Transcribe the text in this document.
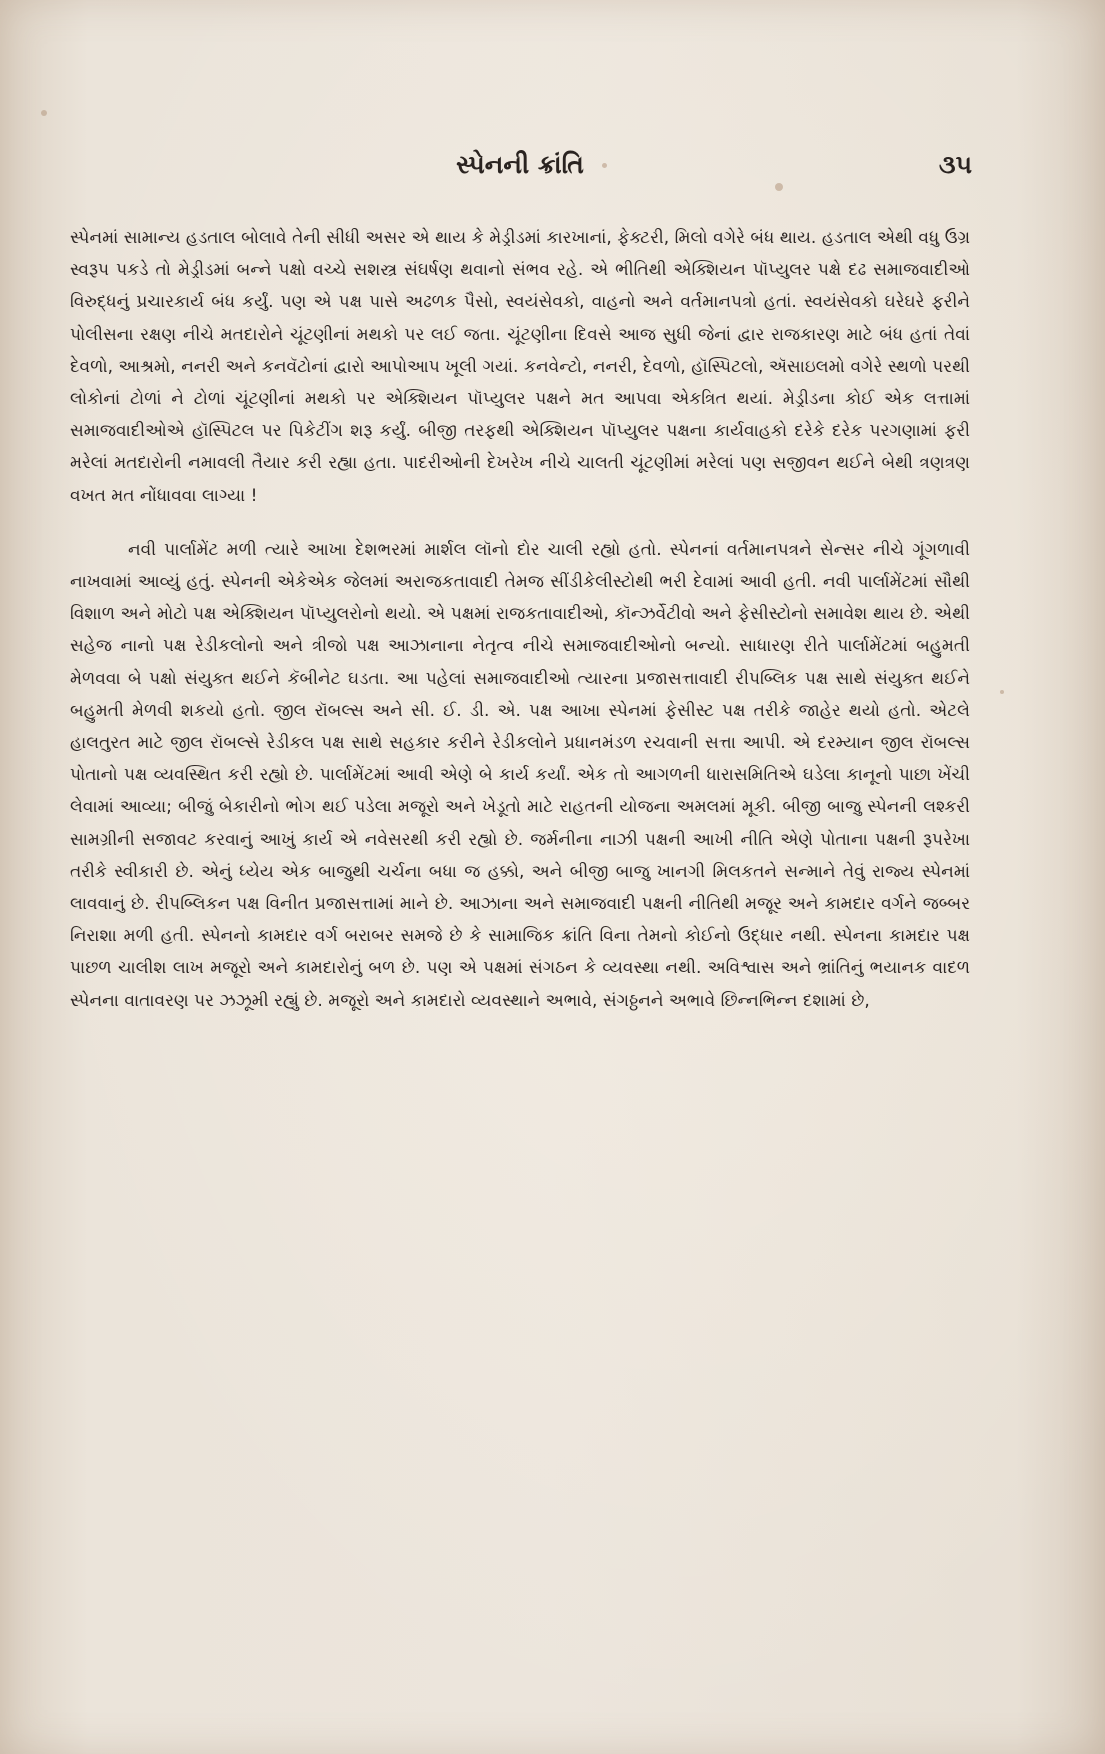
સ્પેનની ક્રાંતિ	૩૫

સ્પેનમાં સામાન્ય હડતાલ બોલાવે તેની સીધી અસર એ થાય કે મેડ્રીડમાં કારખાનાં, ફેક્ટરી, મિલો વગેરે બંધ થાય. હડતાલ એથી વધુ ઉગ્ર સ્વરૂપ પકડે તો મેડ્રીડમાં બન્ને પક્ષો વચ્ચે સશસ્ત્ર સંઘર્ષણ થવાનો સંભવ રહે. એ ભીતિથી એક્શિયન પૉપ્યુલર પક્ષે દઢ સમાજવાદીઓ વિરુદ્ધનું પ્રચારકાર્ય બંધ કર્યું. પણ એ પક્ષ પાસે અઢળક પૈસો, સ્વયંસેવકો, વાહનો અને વર્તમાનપત્રો હતાં. સ્વયંસેવકો ઘરેઘરે ફરીને પોલીસના રક્ષણ નીચે મતદારોને ચૂંટણીનાં મથકો પર લઈ જતા. ચૂંટણીના દિવસે આજ સુધી જેનાં દ્વાર રાજકારણ માટે બંધ હતાં તેવાં દેવળો, આશ્રમો, નનરી અને કનવૅટોનાં દ્વારો આપોઆપ ખૂલી ગયાં. કનવેન્ટો, નનરી, દેવળો, હૉસ્પિટલો, ઍસાઇલમો વગેરે સ્થળો પરથી લોકોનાં ટોળાં ને ટોળાં ચૂંટણીનાં મથકો પર એક્શિયન પૉપ્યુલર પક્ષને મત આપવા એકત્રિત થયાં. મેડ્રીડના કોઈ એક લત્તામાં સમાજવાદીઓએ હૉસ્પિટલ પર પિકેટીંગ શરૂ કર્યું. બીજી તરફથી એક્શિયન પૉપ્યુલર પક્ષના કાર્યવાહકો દરેકે દરેક પરગણામાં ફરી મરેલાં મતદારોની નમાવલી તૈયાર કરી રહ્યા હતા. પાદરીઓની દેખરેખ નીચે ચાલતી ચૂંટણીમાં મરેલાં પણ સજીવન થઈને બેથી ત્રણત્રણ વખત મત નોંધાવવા લાગ્યા !

નવી પાર્લામેંટ મળી ત્યારે આખા દેશભરમાં માર્શલ લૉનો દોર ચાલી રહ્યો હતો. સ્પેનનાં વર્તમાનપત્રને સેન્સર નીચે ગૂંગળાવી નાખવામાં આવ્યું હતું. સ્પેનની એકેએક જેલમાં અરાજકતાવાદી તેમજ સીંડીકેલીસ્ટોથી ભરી દેવામાં આવી હતી. નવી પાર્લામેંટમાં સૌથી વિશાળ અને મોટો પક્ષ એક્શિયન પૉપ્યુલરોનો થયો. એ પક્ષમાં રાજકતાવાદીઓ, કૉન્ઝર્વેટીવો અને ફેસીસ્ટોનો સમાવેશ થાય છે. એથી સહેજ નાનો પક્ષ રેડીકલોનો અને ત્રીજો પક્ષ આઝાનાના નેતૃત્વ નીચે સમાજવાદીઓનો બન્યો. સાધારણ રીતે પાર્લામેંટમાં બહુમતી મેળવવા બે પક્ષો સંયુક્ત થઈને કૅબીનેટ ઘડતા. આ પહેલાં સમાજવાદીઓ ત્યારના પ્રજાસત્તાવાદી રીપબ્લિક પક્ષ સાથે સંયુક્ત થઈને બહુમતી મેળવી શકયો હતો. જીલ રૉબલ્સ અને સી. ઈ. ડી. એ. પક્ષ આખા સ્પેનમાં ફેસીસ્ટ પક્ષ તરીકે જાહેર થયો હતો. એટલે હાલતુરત માટે જીલ રૉબલ્સે રેડીકલ પક્ષ સાથે સહકાર કરીને રેડીકલોને પ્રધાનમંડળ રચવાની સત્તા આપી. એ દરમ્યાન જીલ રૉબલ્સ પોતાનો પક્ષ વ્યવસ્થિત કરી રહ્યો છે. પાર્લામેંટમાં આવી એણે બે કાર્ય કર્યાં. એક તો આગળની ધારાસમિતિએ ઘડેલા કાનૂનો પાછા ખેંચી લેવામાં આવ્યા; બીજું બેકારીનો ભોગ થઈ પડેલા મજૂરો અને ખેડૂતો માટે રાહતની યોજના અમલમાં મૂકી. બીજી બાજુ સ્પેનની લશ્કરી સામગ્રીની સજાવટ કરવાનું આખું કાર્ય એ નવેસરથી કરી રહ્યો છે. જર્મનીના નાઝી પક્ષની આખી નીતિ એણે પોતાના પક્ષની રૂપરેખા તરીકે સ્વીકારી છે. એનું ધ્યેય એક બાજુથી ચર્ચના બધા જ હક્કો, અને બીજી બાજુ ખાનગી મિલકતને સન્માને તેવું રાજ્ય સ્પેનમાં લાવવાનું છે. રીપબ્લિકન પક્ષ વિનીત પ્રજાસત્તામાં માને છે. આઝાના અને સમાજવાદી પક્ષની નીતિથી મજૂર અને કામદાર વર્ગને જબ્બર નિરાશા મળી હતી. સ્પેનનો કામદાર વર્ગ બરાબર સમજે છે કે સામાજિક ક્રાંતિ વિના તેમનો કોઈનો ઉદ્ધાર નથી. સ્પેનના કામદાર પક્ષ પાછળ ચાલીશ લાખ મજૂરો અને કામદારોનું બળ છે. પણ એ પક્ષમાં સંગઠન કે વ્યવસ્થા નથી. અવિશ્વાસ અને ભ્રાંતિનું ભયાનક વાદળ સ્પેનના વાતાવરણ પર ઝઝૂમી રહ્યું છે. મજૂરો અને કામદારો વ્યવસ્થાને અભાવે, સંગઠ્ઠનને અભાવે છિન્નભિન્ન દશામાં છે,
